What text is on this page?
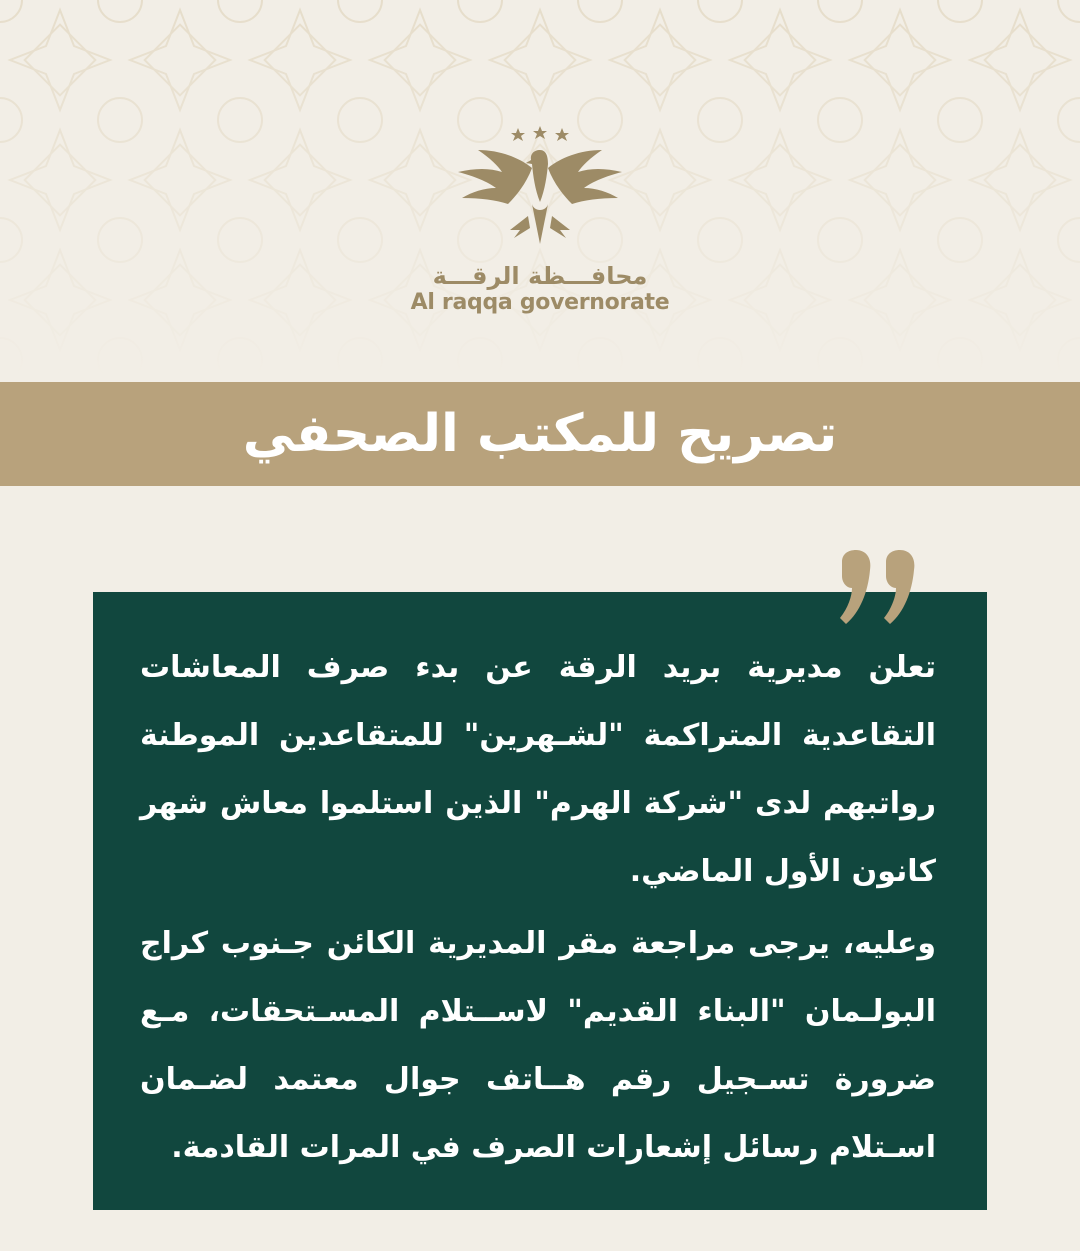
محافـــظة الرقـــة
Al raqqa governorate
تصريح للمكتب الصحفي
تعلن مديرية بريد الرقة عن بدء صرف المعاشات التقاعدية المتراكمة "لشـهرين" للمتقاعدين الموطنة رواتبهم لدى "شركة الهرم" الذين استلموا معاش شهر كانون الأول الماضي.
وعليه، يرجى مراجعة مقر المديرية الكائن جـنوب كراج البولـمان "البناء القديم" لاســتلام المسـتحقات، مـع ضرورة تسـجيل رقم هــاتف جوال معتمد لضـمان اسـتلام رسائل إشعارات الصرف في المرات القادمة.
